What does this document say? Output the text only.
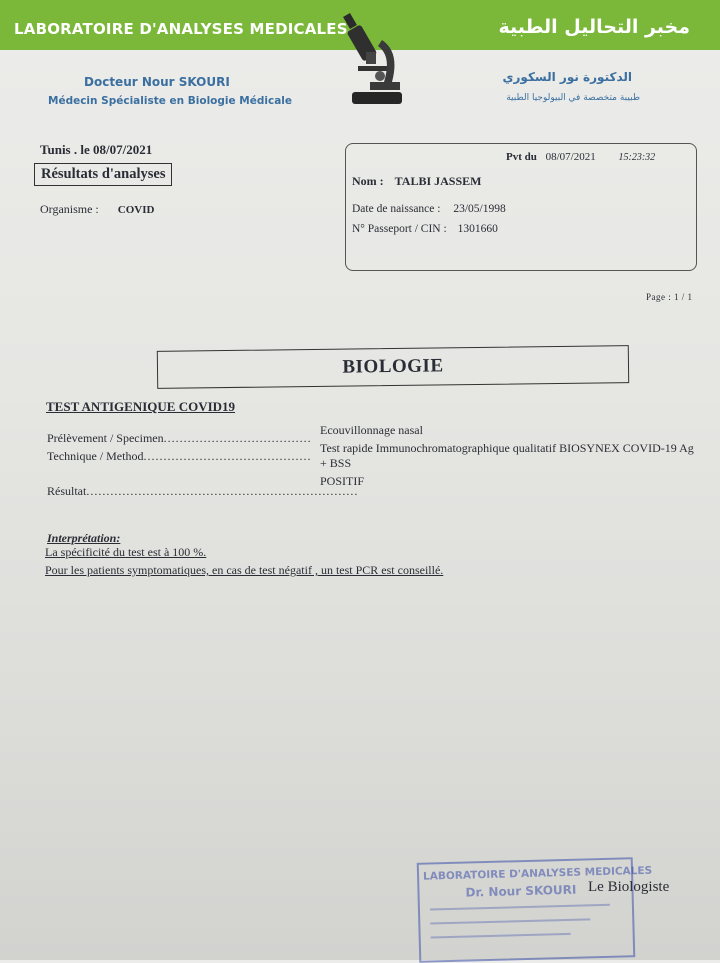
LABORATOIRE D'ANALYSES MEDICALES	مخبر التحاليل الطبية
Docteur Nour SKOURI
Médecin Spécialiste en Biologie Médicale
الدكتورة نور السكوري
طبيبة متخصصة في البيولوجيا الطبية
Tunis . le 08/07/2021
Résultats d'analyses
Organisme : COVID
Pvt du 08/07/2021 15:23:32
Nom : TALBI JASSEM
Date de naissance : 23/05/1998
N° Passeport / CIN : 1301660
Page : 1 / 1
BIOLOGIE
TEST ANTIGENIQUE COVID19
Prélèvement / Specimen.....................................
Ecouvillonnage nasal
Technique / Method..........................................
Test rapide Immunochromatographique qualitatif BIOSYNEX COVID-19 Ag + BSS
Résultat....................................................................
POSITIF
Interprétation:
La spécificité du test est à 100 %.
Pour les patients symptomatiques, en cas de test négatif , un test PCR est conseillé.
LABORATOIRE D'ANALYSES MEDICALES
Dr. Nour SKOURI Le Biologiste
